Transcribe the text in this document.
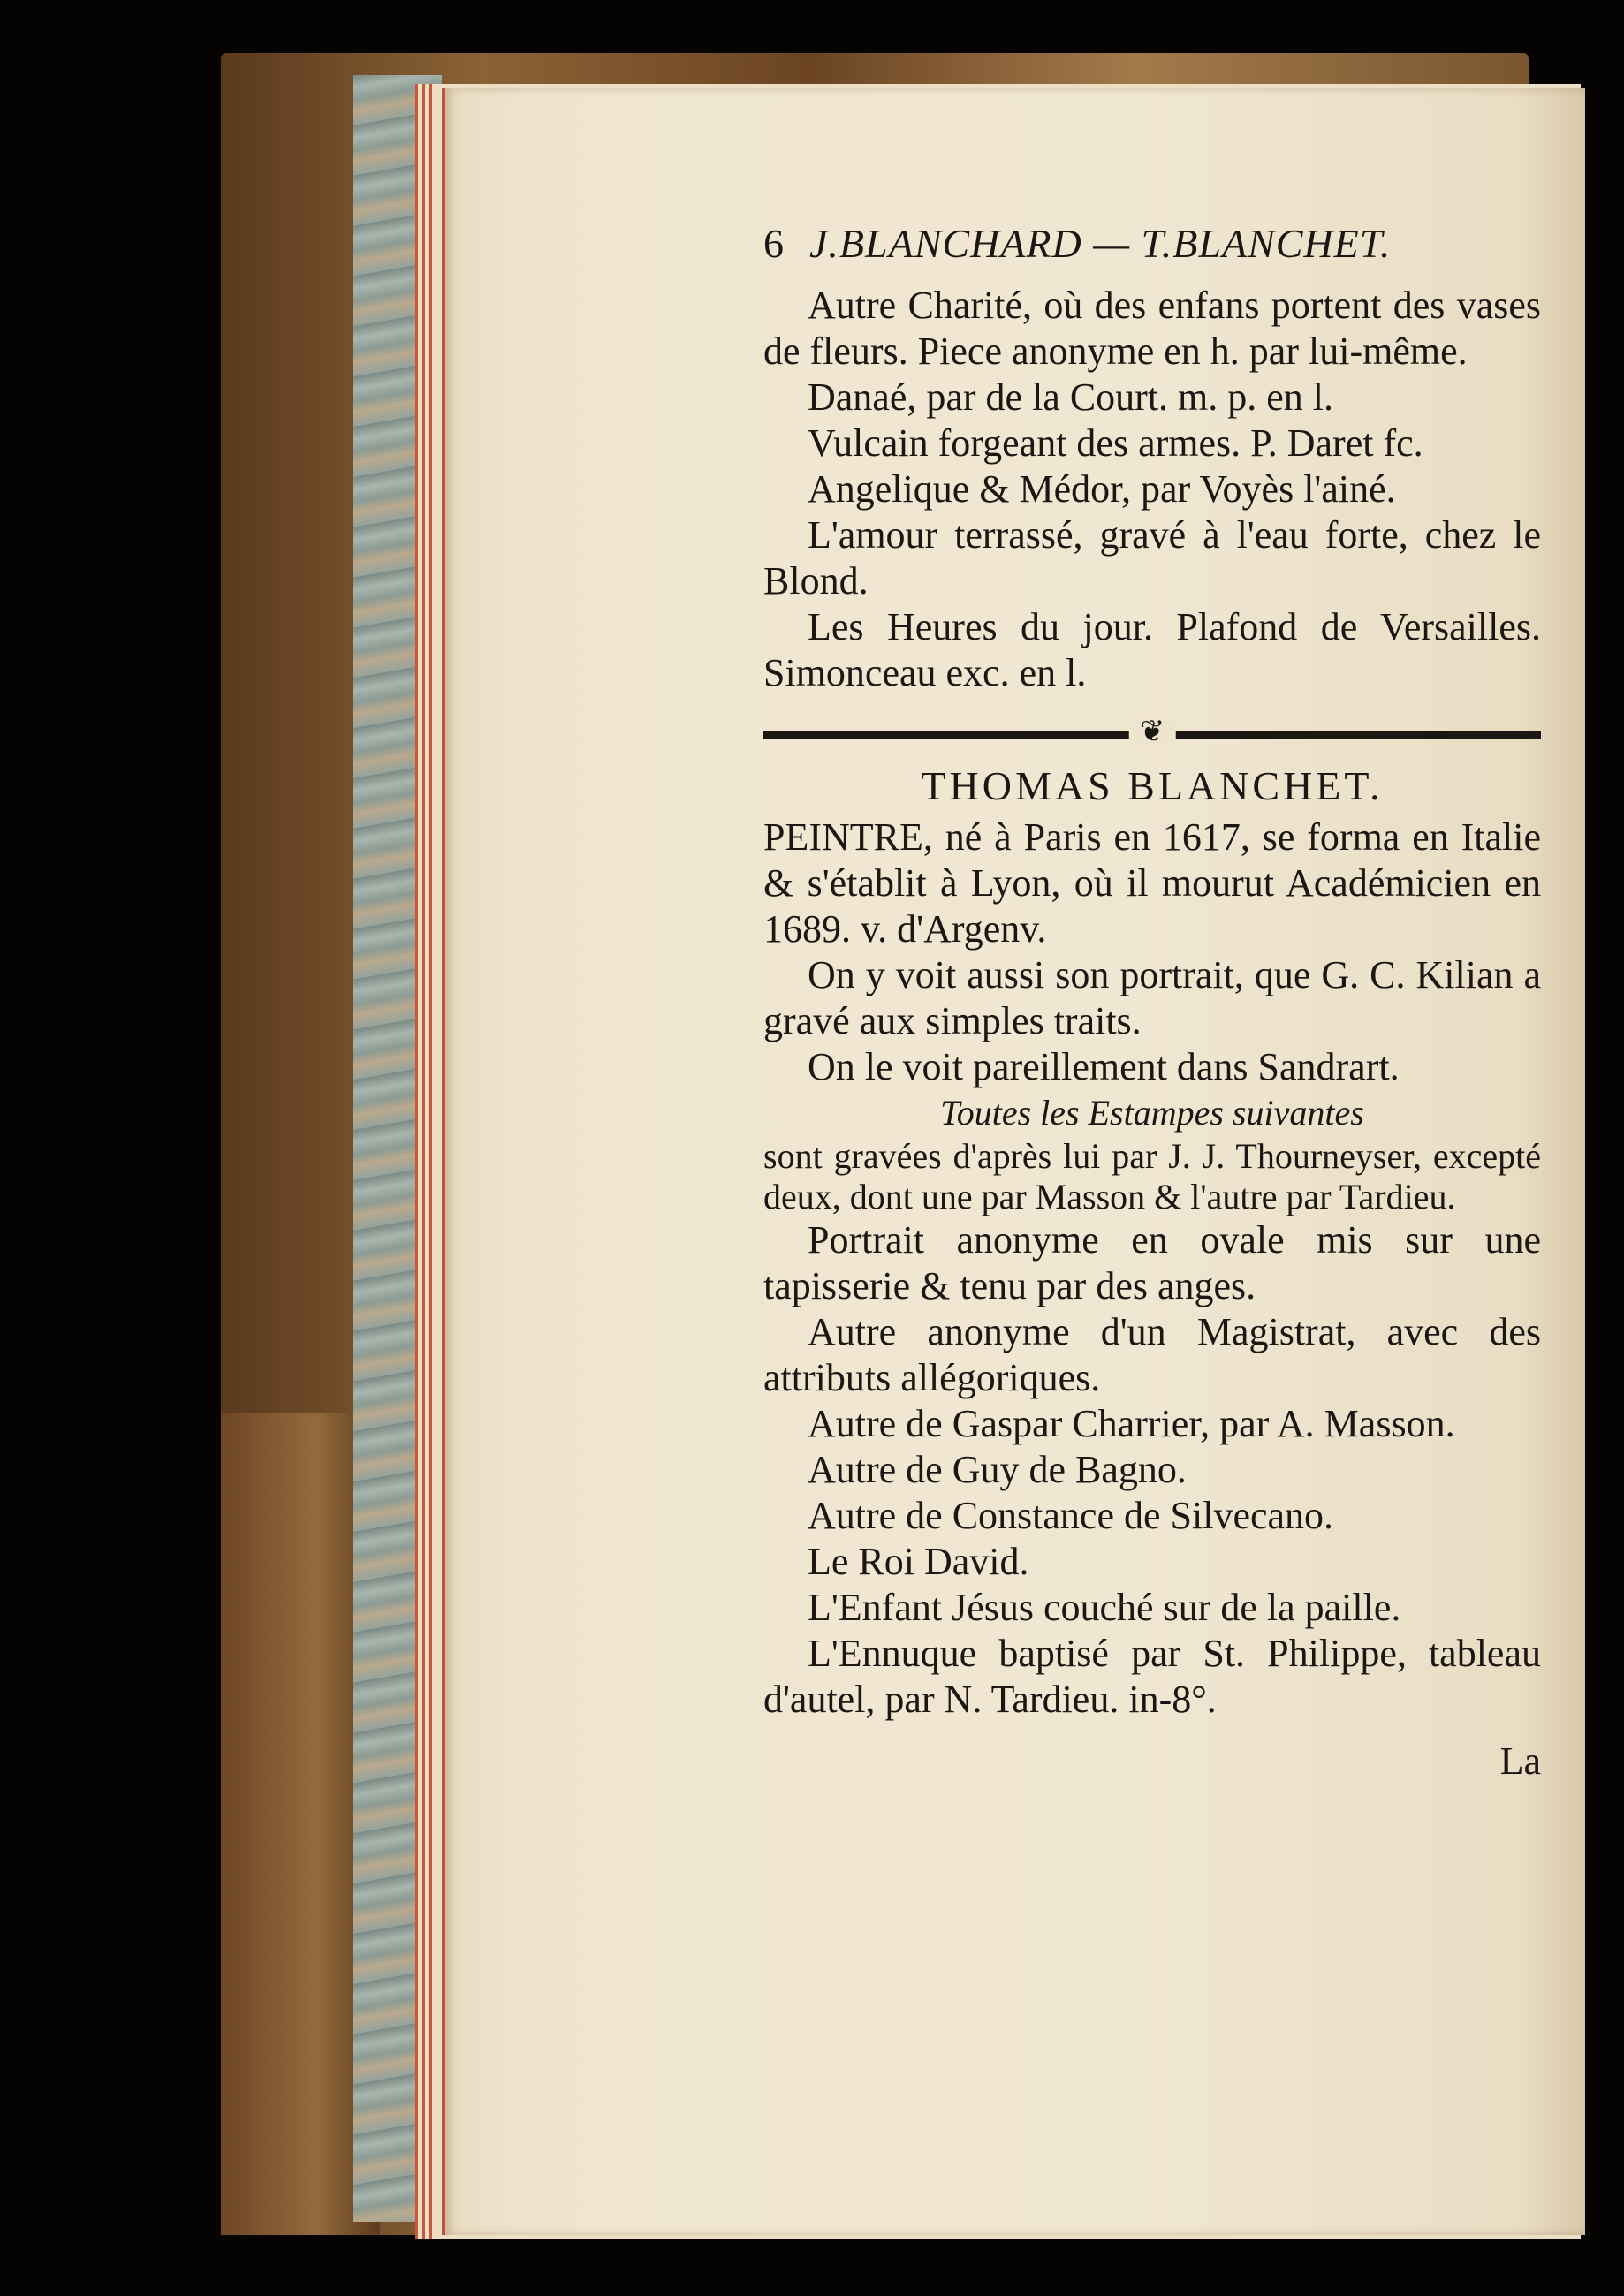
6 J.BLANCHARD — T.BLANCHET.

Autre Charité, où des enfans portent des vases de fleurs. Piece anonyme en h. par lui-même.

Danaé, par de la Court. m. p. en l.

Vulcain forgeant des armes. P. Daret fc.

Angelique & Médor, par Voyès l'ainé.

L'amour terrassé, gravé à l'eau forte, chez le Blond.

Les Heures du jour. Plafond de Versailles. Simonceau exc. en l.

❦

THOMAS BLANCHET.

PEINTRE, né à Paris en 1617, se forma en Italie & s'établit à Lyon, où il mourut Académicien en 1689. v. d'Argenv.

On y voit aussi son portrait, que G. C. Kilian a gravé aux simples traits.

On le voit pareillement dans Sandrart.

Toutes les Estampes suivantes

sont gravées d'après lui par J. J. Thourneyser, excepté deux, dont une par Masson & l'autre par Tardieu.

Portrait anonyme en ovale mis sur une tapisserie & tenu par des anges.

Autre anonyme d'un Magistrat, avec des attributs allégoriques.

Autre de Gaspar Charrier, par A. Masson.

Autre de Guy de Bagno.

Autre de Constance de Silvecano.

Le Roi David.

L'Enfant Jésus couché sur de la paille.

L'Ennuque baptisé par St. Philippe, tableau d'autel, par N. Tardieu. in-8°.

La
